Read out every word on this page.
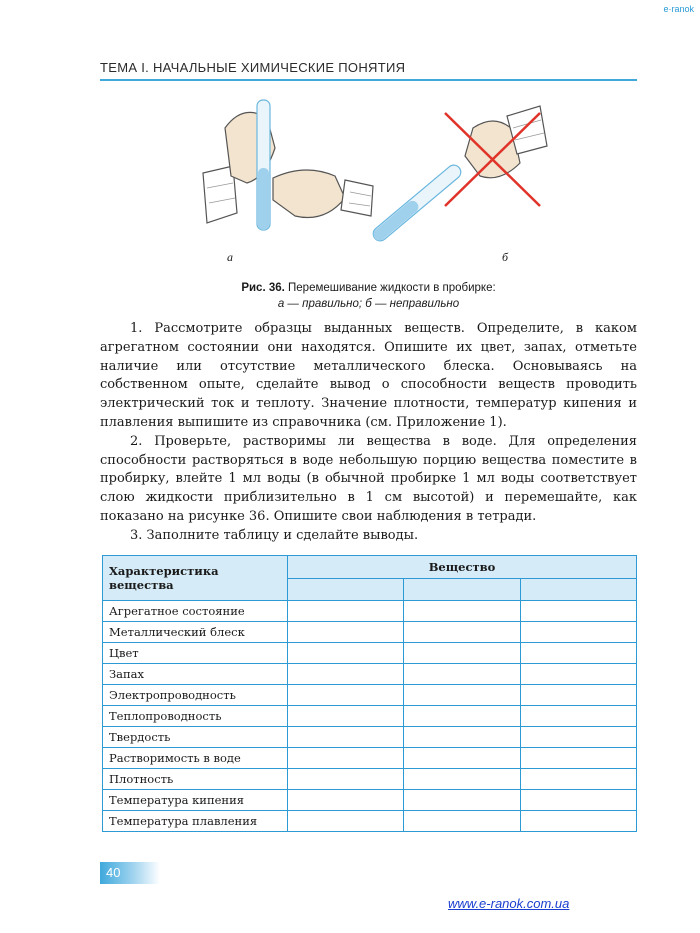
e·ranok
ТЕМА І. НАЧАЛЬНЫЕ ХИМИЧЕСКИЕ ПОНЯТИЯ
а	б
Рис. 36. Перемешивание жидкости в пробирке:
а — правильно; б — неправильно

1. Рассмотрите образцы выданных веществ. Определите, в каком агрегатном состоянии они находятся. Опишите их цвет, запах, отметьте наличие или отсутствие металлического блеска. Основываясь на собственном опыте, сделайте вывод о способности веществ проводить электрический ток и теплоту. Значение плотности, температур кипения и плавления выпишите из справочника (см. Приложение 1).

2. Проверьте, растворимы ли вещества в воде. Для определения способности растворяться в воде небольшую порцию вещества поместите в пробирку, влейте 1 мл воды (в обычной пробирке 1 мл воды соответствует слою жидкости приблизительно в 1 см высотой) и перемешайте, как показано на рисунке 36. Опишите свои наблюдения в тетради.

3. Заполните таблицу и сделайте выводы.

Характеристика вещества	Вещество		

Агрегатное состояние			
Металлический блеск			
Цвет			
Запах			
Электропроводность			
Теплопроводность			
Твердость			
Растворимость в воде			
Плотность			
Температура кипения			
Температура плавления			
40
www.e-ranok.com.ua
